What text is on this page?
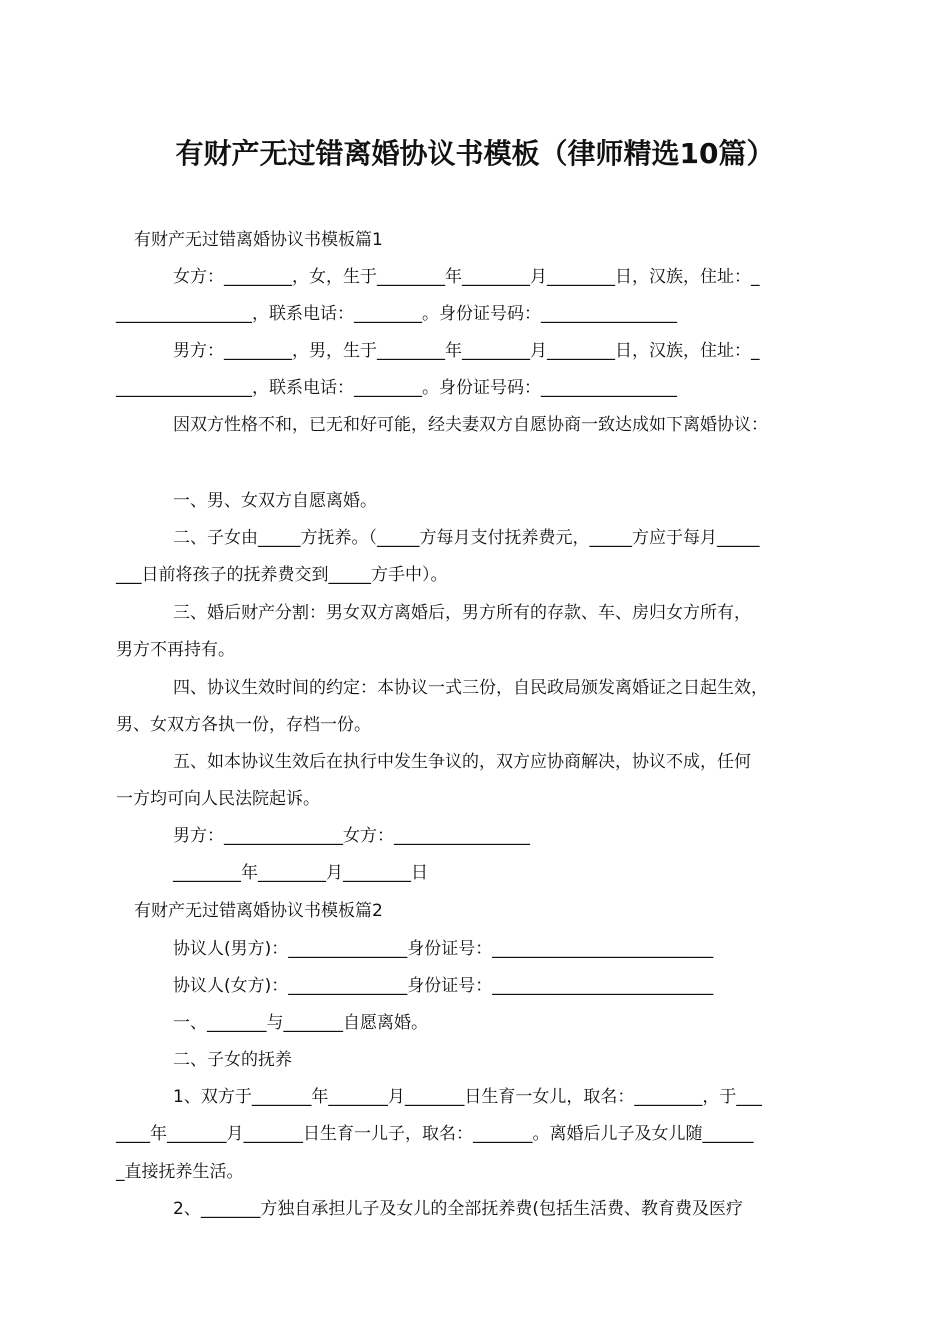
有财产无过错离婚协议书模板（律师精选10篇）
有财产无过错离婚协议书模板篇1
女方：________，女，生于________年________月________日，汉族，住址：_
________________，联系电话：________。身份证号码：________________
男方：________，男，生于________年________月________日，汉族，住址：_
________________，联系电话：________。身份证号码：________________
因双方性格不和，已无和好可能，经夫妻双方自愿协商一致达成如下离婚协议：
一、男、女双方自愿离婚。
二、子女由_____方抚养。（_____方每月支付抚养费元，_____方应于每月_____
___日前将孩子的抚养费交到_____方手中）。
三、婚后财产分割：男女双方离婚后，男方所有的存款、车、房归女方所有，
男方不再持有。
四、协议生效时间的约定：本协议一式三份，自民政局颁发离婚证之日起生效，
男、女双方各执一份，存档一份。
五、如本协议生效后在执行中发生争议的，双方应协商解决，协议不成，任何
一方均可向人民法院起诉。
男方：______________女方：________________
________年________月________日
有财产无过错离婚协议书模板篇2
协议人(男方)：______________身份证号：__________________________
协议人(女方)：______________身份证号：__________________________
一、_______与_______自愿离婚。
二、子女的抚养
1、双方于_______年_______月_______日生育一女儿，取名：________，于___
____年_______月_______日生育一儿子，取名：_______。离婚后儿子及女儿随______
_直接抚养生活。
2、_______方独自承担儿子及女儿的全部抚养费(包括生活费、教育费及医疗
